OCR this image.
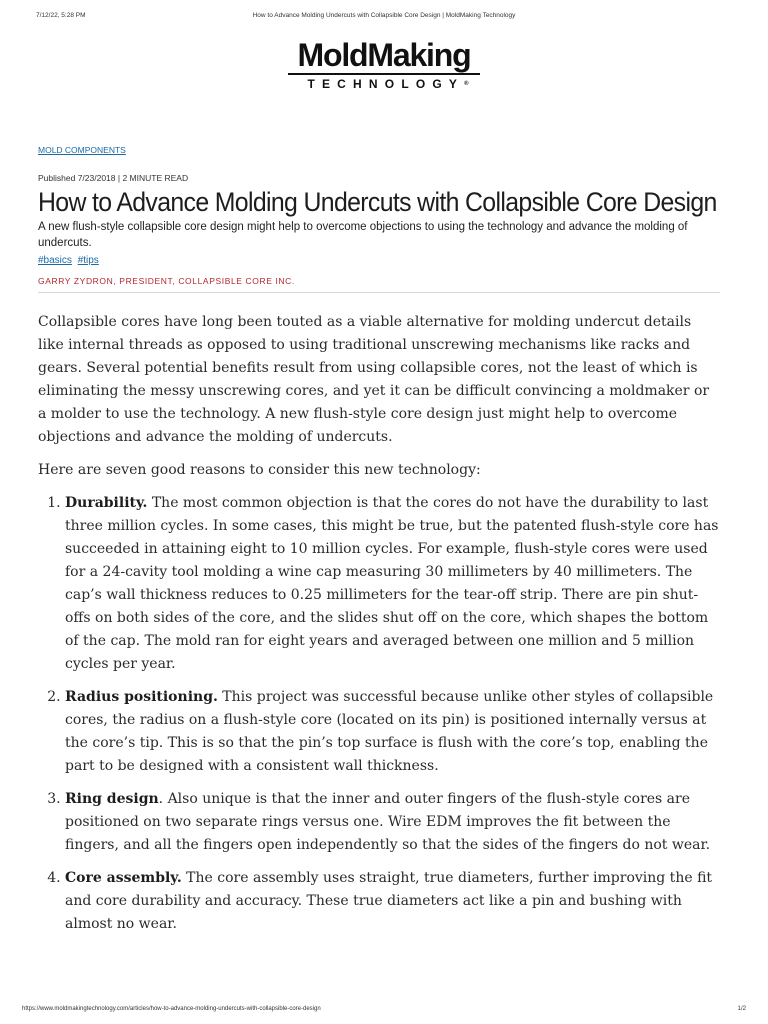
7/12/22, 5:28 PM	How to Advance Molding Undercuts with Collapsible Core Design | MoldMaking Technology
MoldMaking
TECHNOLOGY®
MOLD COMPONENTS
Published 7/23/2018 | 2 MINUTE READ
How to Advance Molding Undercuts with Collapsible Core Design
A new flush-style collapsible core design might help to overcome objections to using the technology and advance the molding of undercuts.
#basics #tips
GARRY ZYDRON, PRESIDENT, COLLAPSIBLE CORE INC.

Collapsible cores have long been touted as a viable alternative for molding undercut details like internal threads as opposed to using traditional unscrewing mechanisms like racks and gears. Several potential benefits result from using collapsible cores, not the least of which is eliminating the messy unscrewing cores, and yet it can be difficult convincing a moldmaker or a molder to use the technology. A new flush-style core design just might help to overcome objections and advance the molding of undercuts.

Here are seven good reasons to consider this new technology:

1. Durability. The most common objection is that the cores do not have the durability to last three million cycles. In some cases, this might be true, but the patented flush-style core has succeeded in attaining eight to 10 million cycles. For example, flush-style cores were used for a 24-cavity tool molding a wine cap measuring 30 millimeters by 40 millimeters. The cap’s wall thickness reduces to 0.25 millimeters for the tear-off strip. There are pin shut-offs on both sides of the core, and the slides shut off on the core, which shapes the bottom of the cap. The mold ran for eight years and averaged between one million and 5 million cycles per year.
2. Radius positioning. This project was successful because unlike other styles of collapsible cores, the radius on a flush-style core (located on its pin) is positioned internally versus at the core’s tip. This is so that the pin’s top surface is flush with the core’s top, enabling the part to be designed with a consistent wall thickness.
3. Ring design. Also unique is that the inner and outer fingers of the flush-style cores are positioned on two separate rings versus one. Wire EDM improves the fit between the fingers, and all the fingers open independently so that the sides of the fingers do not wear.
4. Core assembly. The core assembly uses straight, true diameters, further improving the fit and core durability and accuracy. These true diameters act like a pin and bushing with almost no wear.
https://www.moldmakingtechnology.com/articles/how-to-advance-molding-undercuts-with-collapsible-core-design	1/2
